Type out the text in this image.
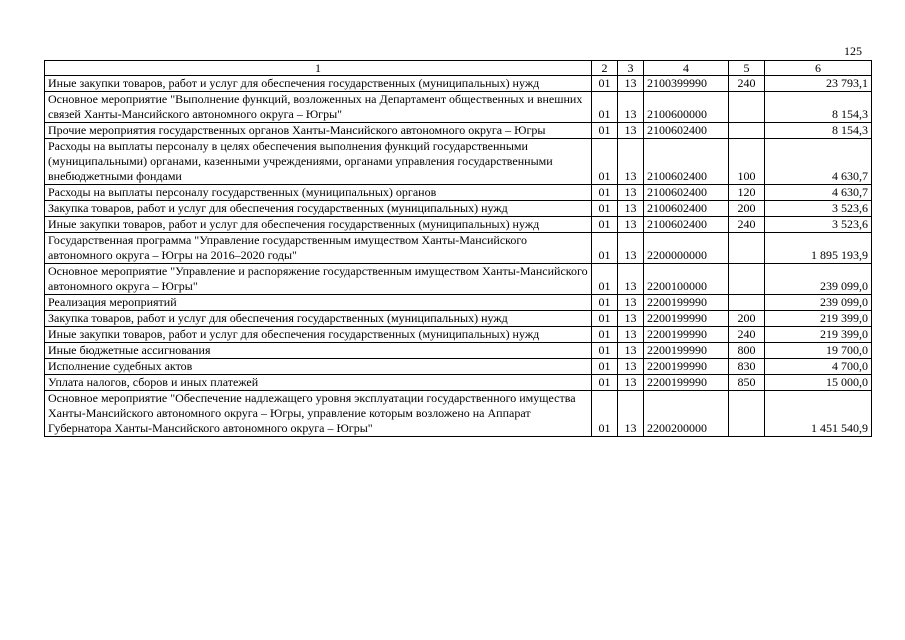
125
1	2	3	4	5	6
Иные закупки товаров, работ и услуг для обеспечения государственных (муниципальных) нужд	01	13	2100399990	240	23 793,1
Основное мероприятие "Выполнение функций, возложенных на Департамент общественных и внешних связей Ханты-Мансийского автономного округа – Югры"	01	13	2100600000		8 154,3
Прочие мероприятия государственных органов Ханты-Мансийского автономного округа – Югры	01	13	2100602400		8 154,3
Расходы на выплаты персоналу в целях обеспечения выполнения функций государственными (муниципальными) органами, казенными учреждениями, органами управления государственными внебюджетными фондами	01	13	2100602400	100	4 630,7
Расходы на выплаты персоналу государственных (муниципальных) органов	01	13	2100602400	120	4 630,7
Закупка товаров, работ и услуг для обеспечения государственных (муниципальных) нужд	01	13	2100602400	200	3 523,6
Иные закупки товаров, работ и услуг для обеспечения государственных (муниципальных) нужд	01	13	2100602400	240	3 523,6
Государственная программа "Управление государственным имуществом Ханты-Мансийского автономного округа – Югры на 2016–2020 годы"	01	13	2200000000		1 895 193,9
Основное мероприятие "Управление и распоряжение государственным имуществом Ханты-Мансийского автономного округа – Югры"	01	13	2200100000		239 099,0
Реализация мероприятий	01	13	2200199990		239 099,0
Закупка товаров, работ и услуг для обеспечения государственных (муниципальных) нужд	01	13	2200199990	200	219 399,0
Иные закупки товаров, работ и услуг для обеспечения государственных (муниципальных) нужд	01	13	2200199990	240	219 399,0
Иные бюджетные ассигнования	01	13	2200199990	800	19 700,0
Исполнение судебных актов	01	13	2200199990	830	4 700,0
Уплата налогов, сборов и иных платежей	01	13	2200199990	850	15 000,0
Основное мероприятие "Обеспечение надлежащего уровня эксплуатации государственного имущества Ханты-Мансийского автономного округа – Югры, управление которым возложено на Аппарат Губернатора Ханты-Мансийского автономного округа – Югры"	01	13	2200200000		1 451 540,9
